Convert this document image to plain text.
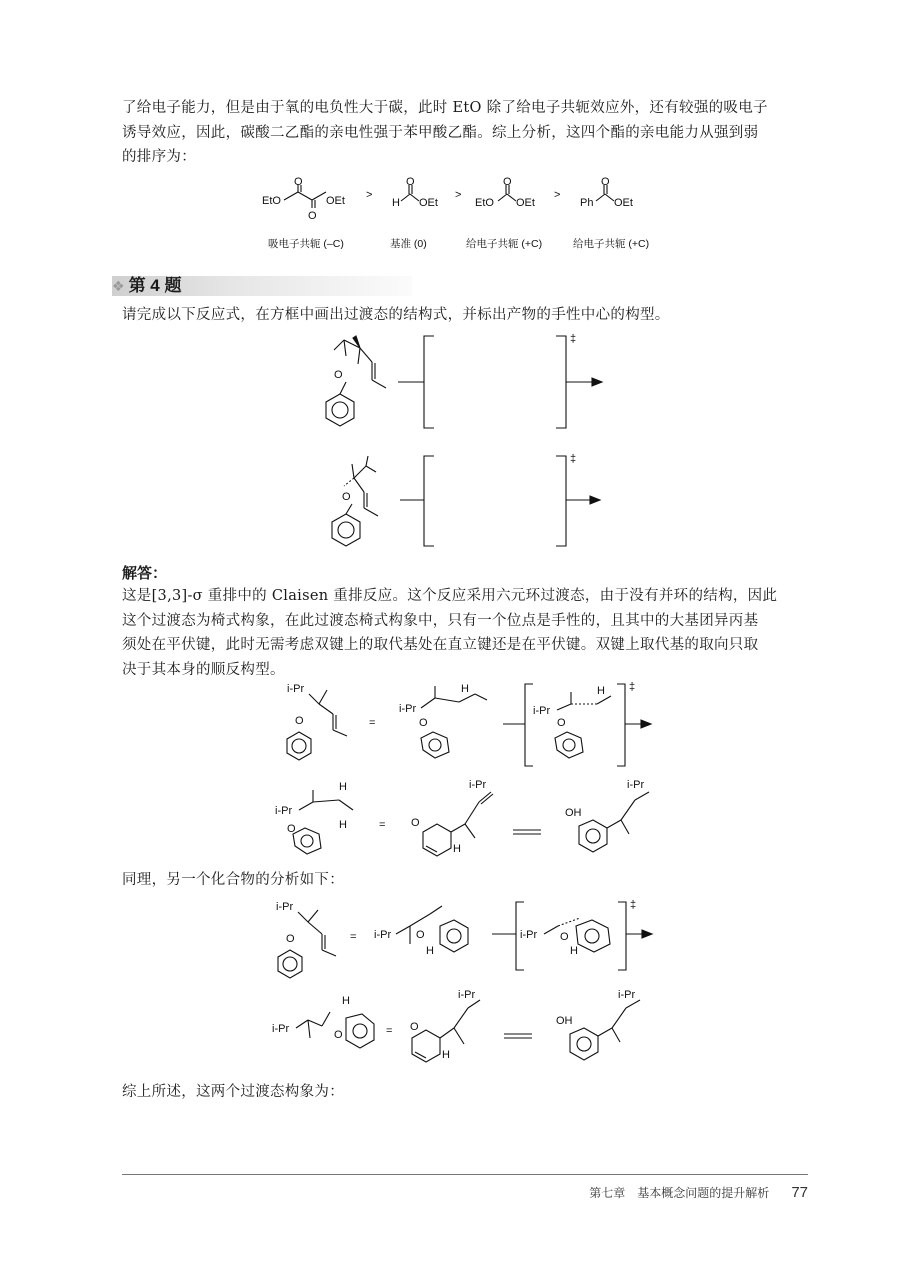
了给电子能力，但是由于氧的电负性大于碳，此时 EtO 除了给电子共轭效应外，还有较强的吸电子
诱导效应，因此，碳酸二乙酯的亲电性强于苯甲酸乙酯。综上分析，这四个酯的亲电能力从强到弱
的排序为：

EtO
O
O
OEt >
H
O
OEt
>
EtO
O
OEt
>
Ph
O
OEt
吸电子共轭 (–C)	基准 (0)	给电子共轭 (+C)	给电子共轭 (+C)
❖ 第 4 题

请完成以下反应式，在方框中画出过渡态的结构式，并标出产物的手性中心的构型。

O
‡
O
‡
解答：

这是[3,3]-σ 重排中的 Claisen 重排反应。这个反应采用六元环过渡态，由于没有并环的结构，因此
这个过渡态为椅式构象，在此过渡态椅式构象中，只有一个位点是手性的，且其中的大基团异丙基
须处在平伏键，此时无需考虑双键上的取代基处在直立键还是在平伏键。双键上取代基的取向只取
决于其本身的顺反构型。

i-Pr
O	=
i-Pr
H
O
i-Pr
H
O
‡
i-Pr
H
O	H	= O
i-Pr
H
OH
i-Pr

同理，另一个化合物的分析如下：

i-Pr
O	= i-Pr O
H
i-Pr O
H
‡
i-Pr
H
O	= O
i-Pr
H
OH
i-Pr

综上所述，这两个过渡态构象为：

第七章　基本概念问题的提升解析 77
